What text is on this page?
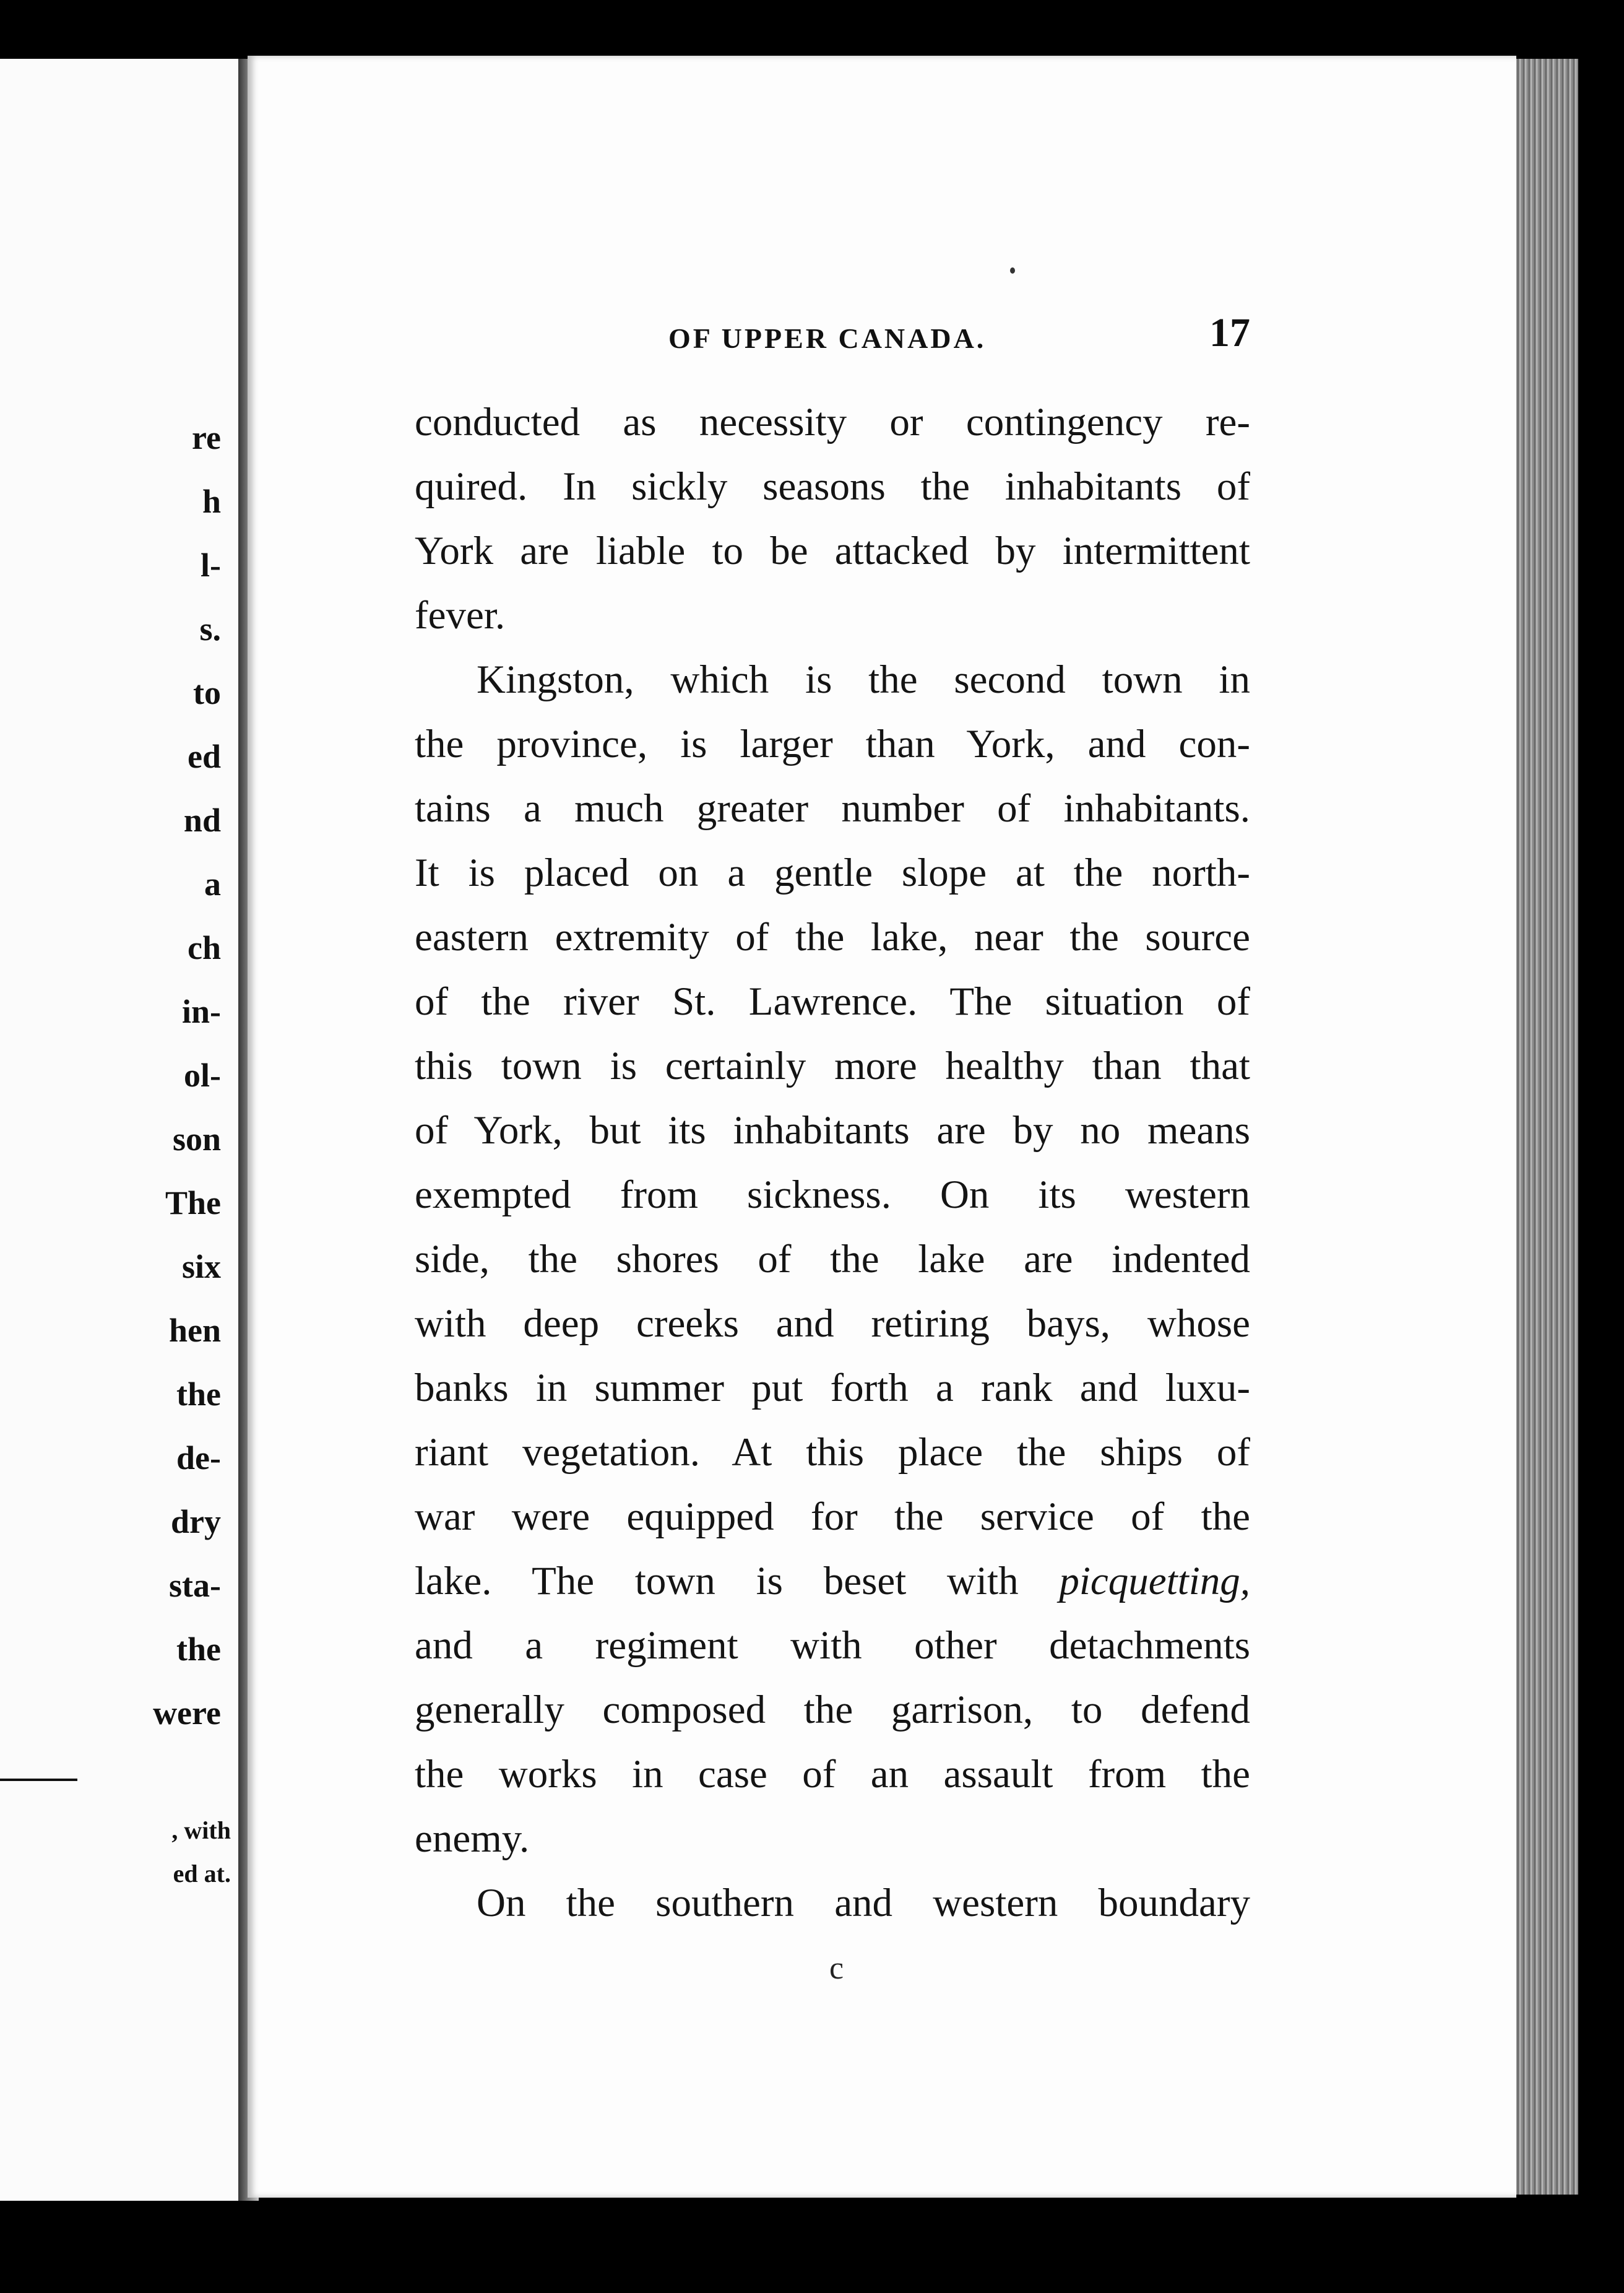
re
h
l-
s.
to
ed
nd
a
ch
in-
ol-
son
The
six
hen
the
de-
dry
sta-
the
were
, with
ed at.
OF UPPER CANADA.	17
conducted as necessity or contingency re-
quired. In sickly seasons the inhabitants of
York are liable to be attacked by intermittent
fever.
Kingston, which is the second town in
the province, is larger than York, and con-
tains a much greater number of inhabitants.
It is placed on a gentle slope at the north-
eastern extremity of the lake, near the source
of the river St. Lawrence. The situation of
this town is certainly more healthy than that
of York, but its inhabitants are by no means
exempted from sickness. On its western
side, the shores of the lake are indented
with deep creeks and retiring bays, whose
banks in summer put forth a rank and luxu-
riant vegetation. At this place the ships of
war were equipped for the service of the
lake. The town is beset with picquetting,
and a regiment with other detachments
generally composed the garrison, to defend
the works in case of an assault from the
enemy.
On the southern and western boundary
c
